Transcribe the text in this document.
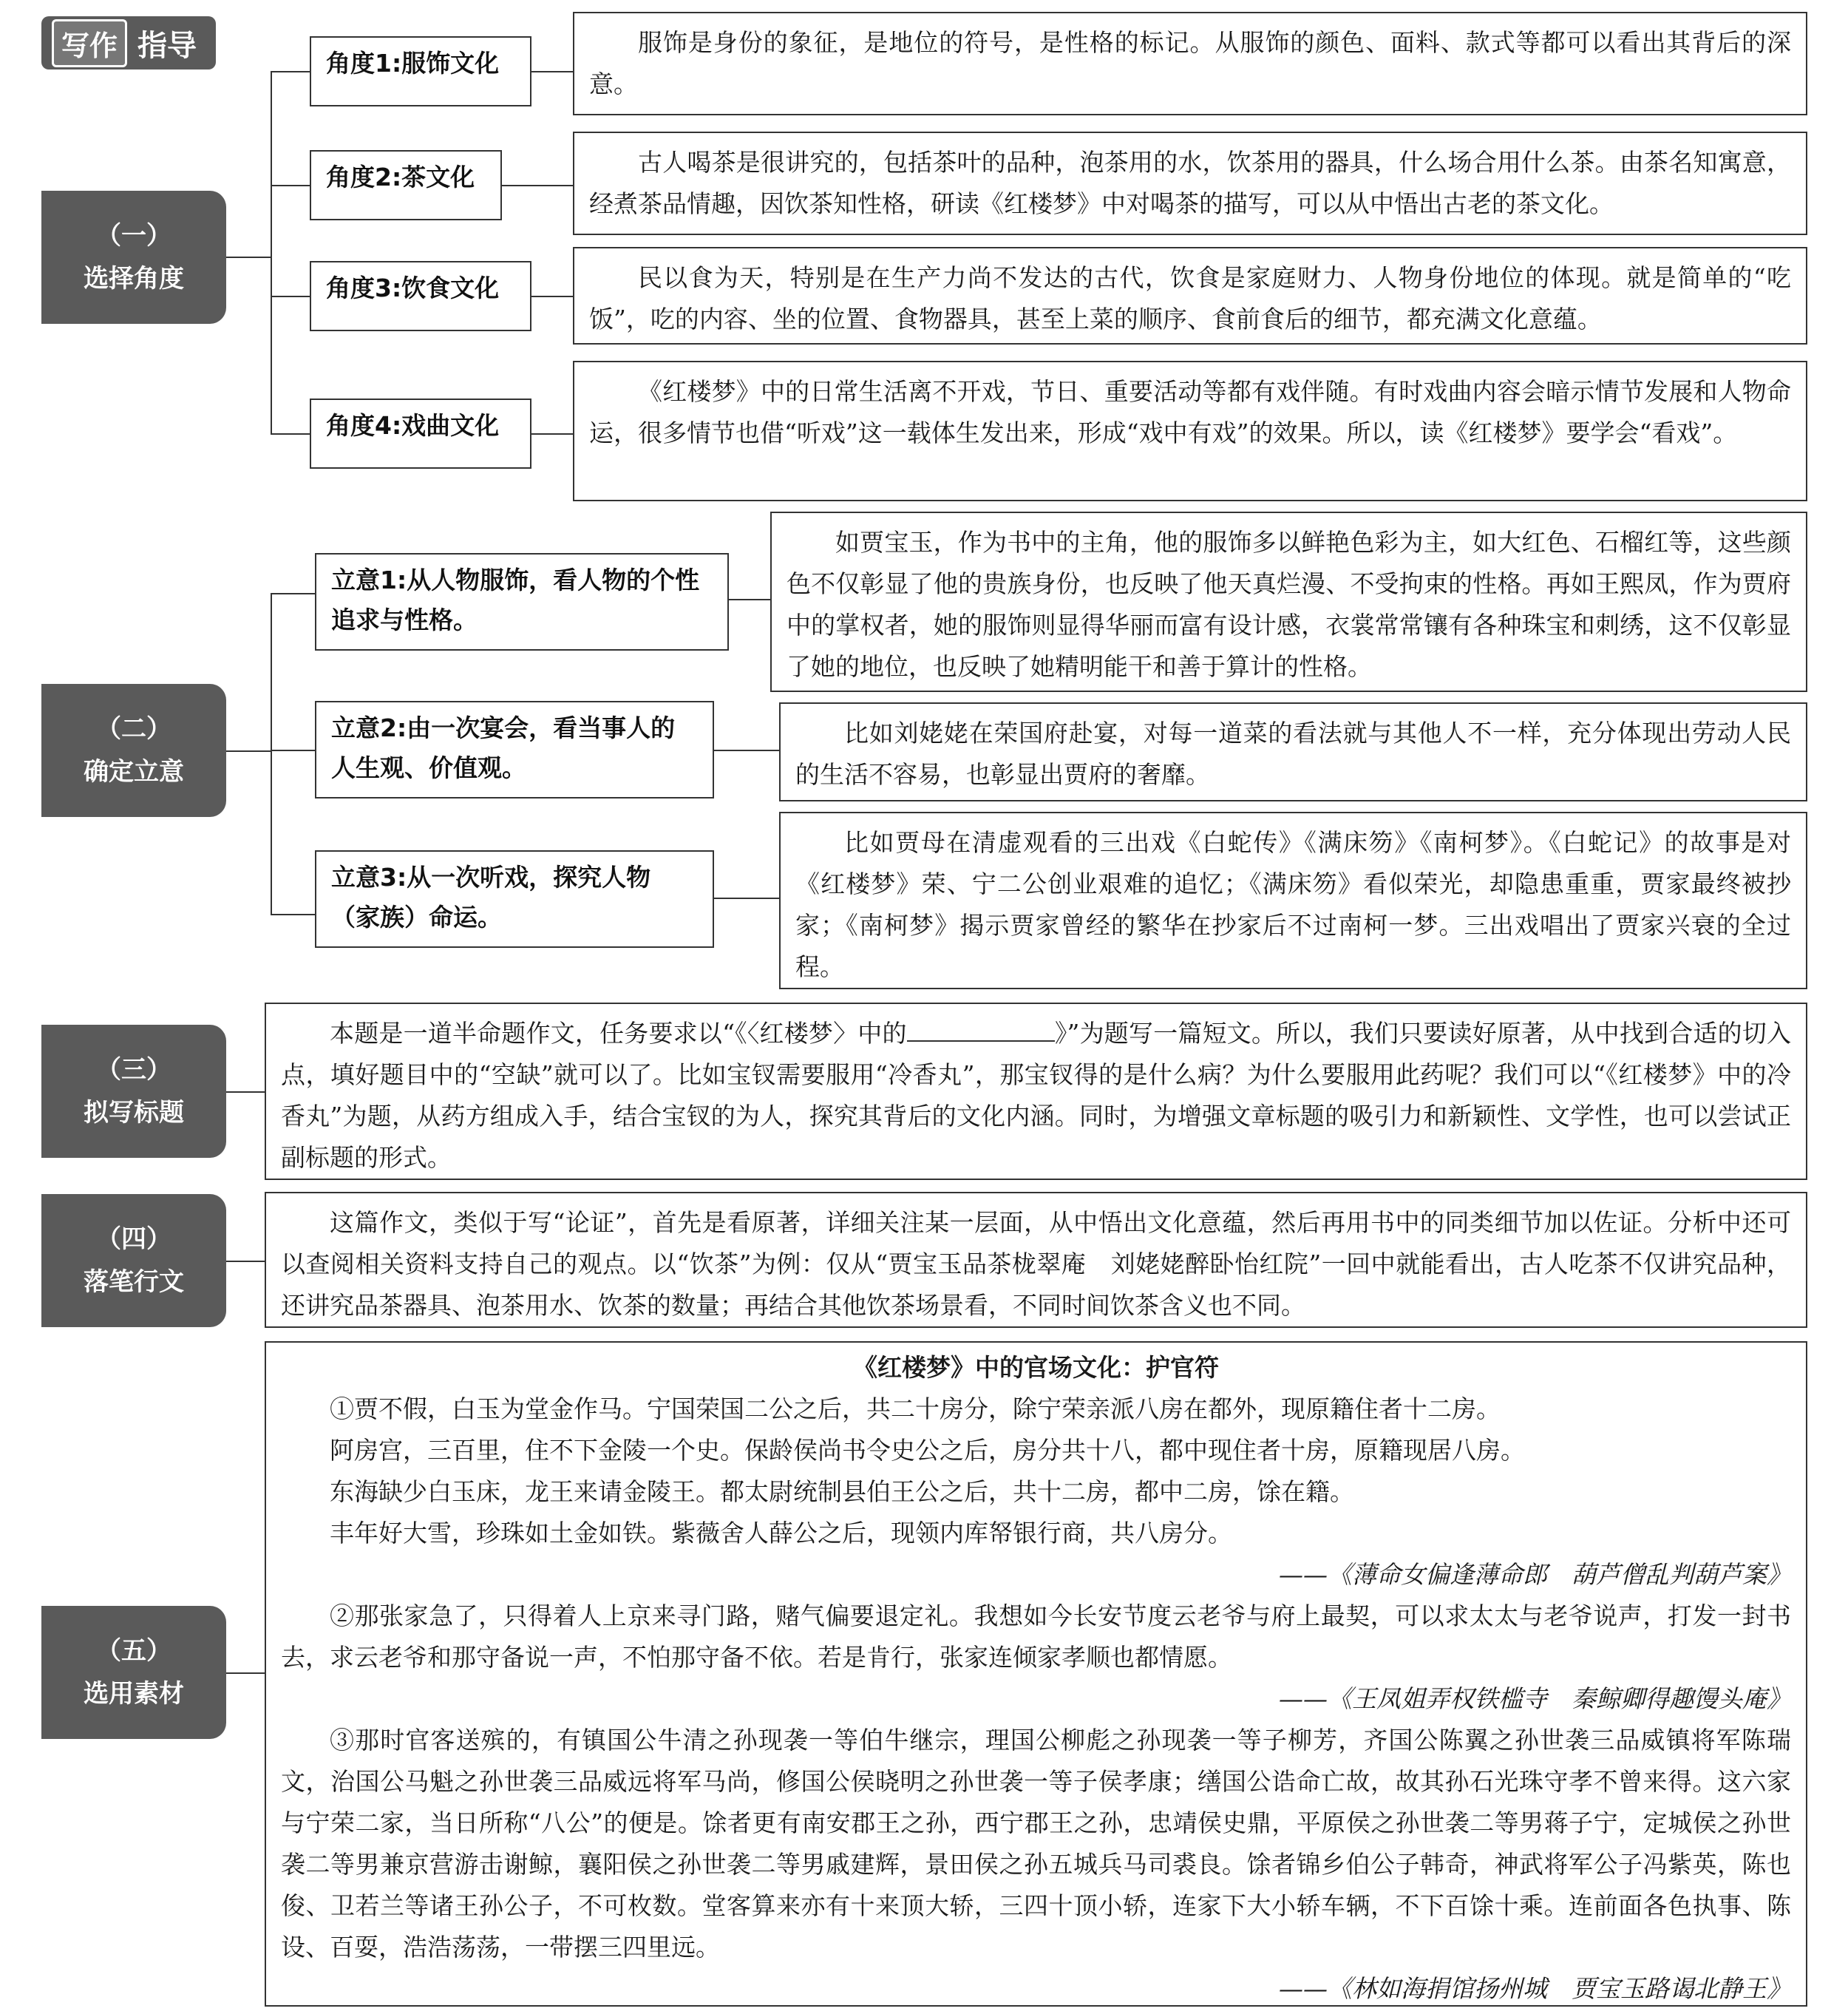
写作 指导
（一）
选择角度
角度1:服饰文化

服饰是身份的象征，是地位的符号，是性格的标记。从服饰的颜色、面料、款式等都可以看出其背后的深意。

角度2:茶文化

古人喝茶是很讲究的，包括茶叶的品种，泡茶用的水，饮茶用的器具，什么场合用什么茶。由茶名知寓意，经煮茶品情趣，因饮茶知性格，研读《红楼梦》中对喝茶的描写，可以从中悟出古老的茶文化。

角度3:饮食文化	民以食为天，特别是在生产力尚不发达的古代，饮食是家庭财力、人物身份地位的体现。就是简单的“吃饭”，吃的内容、坐的位置、食物器具，甚至上菜的顺序、食前食后的细节，都充满文化意蕴。

角度4:戏曲文化

《红楼梦》中的日常生活离不开戏，节日、重要活动等都有戏伴随。有时戏曲内容会暗示情节发展和人物命运，很多情节也借“听戏”这一载体生发出来，形成“戏中有戏”的效果。所以，读《红楼梦》要学会“看戏”。

（二）
确定立意
立意1:从人物服饰，看人物的个性追求与性格。

如贾宝玉，作为书中的主角，他的服饰多以鲜艳色彩为主，如大红色、石榴红等，这些颜色不仅彰显了他的贵族身份，也反映了他天真烂漫、不受拘束的性格。再如王熙凤，作为贾府中的掌权者，她的服饰则显得华丽而富有设计感，衣裳常常镶有各种珠宝和刺绣，这不仅彰显了她的地位，也反映了她精明能干和善于算计的性格。

立意2:由一次宴会，看当事人的人生观、价值观。

比如刘姥姥在荣国府赴宴，对每一道菜的看法就与其他人不一样，充分体现出劳动人民的生活不容易，也彰显出贾府的奢靡。

立意3:从一次听戏，探究人物（家族）命运。

比如贾母在清虚观看的三出戏《白蛇传》《满床笏》《南柯梦》。《白蛇记》的故事是对《红楼梦》荣、宁二公创业艰难的追忆；《满床笏》看似荣光，却隐患重重，贾家最终被抄家；《南柯梦》揭示贾家曾经的繁华在抄家后不过南柯一梦。三出戏唱出了贾家兴衰的全过程。

（三）
拟写标题

本题是一道半命题作文，任务要求以“《〈红楼梦〉中的	》”为题写一篇短文。所以，我们只要读好原著，从中找到合适的切入点，填好题目中的“空缺”就可以了。比如宝钗需要服用“冷香丸”，那宝钗得的是什么病？为什么要服用此药呢？我们可以“《红楼梦》中的冷香丸”为题，从药方组成入手，结合宝钗的为人，探究其背后的文化内涵。同时，为增强文章标题的吸引力和新颖性、文学性，也可以尝试正副标题的形式。

（四）
落笔行文

这篇作文，类似于写“论证”，首先是看原著，详细关注某一层面，从中悟出文化意蕴，然后再用书中的同类细节加以佐证。分析中还可以查阅相关资料支持自己的观点。以“饮茶”为例：仅从“贾宝玉品茶栊翠庵　刘姥姥醉卧怡红院”一回中就能看出，古人吃茶不仅讲究品种，还讲究品茶器具、泡茶用水、饮茶的数量；再结合其他饮茶场景看，不同时间饮茶含义也不同。

（五）
选用素材

《红楼梦》中的官场文化：护官符

①贾不假，白玉为堂金作马。宁国荣国二公之后，共二十房分，除宁荣亲派八房在都外，现原籍住者十二房。

阿房宫，三百里，住不下金陵一个史。保龄侯尚书令史公之后，房分共十八，都中现住者十房，原籍现居八房。

东海缺少白玉床，龙王来请金陵王。都太尉统制县伯王公之后，共十二房，都中二房，馀在籍。

丰年好大雪，珍珠如土金如铁。紫薇舍人薛公之后，现领内库帑银行商，共八房分。

——《薄命女偏逢薄命郎　葫芦僧乱判葫芦案》

②那张家急了，只得着人上京来寻门路，赌气偏要退定礼。我想如今长安节度云老爷与府上最契，可以求太太与老爷说声，打发一封书去，求云老爷和那守备说一声，不怕那守备不依。若是肯行，张家连倾家孝顺也都情愿。

——《王凤姐弄权铁槛寺　秦鲸卿得趣馒头庵》

③那时官客送殡的，有镇国公牛清之孙现袭一等伯牛继宗，理国公柳彪之孙现袭一等子柳芳，齐国公陈翼之孙世袭三品威镇将军陈瑞文，治国公马魁之孙世袭三品威远将军马尚，修国公侯晓明之孙世袭一等子侯孝康；缮国公诰命亡故，故其孙石光珠守孝不曾来得。这六家与宁荣二家，当日所称“八公”的便是。馀者更有南安郡王之孙，西宁郡王之孙，忠靖侯史鼎，平原侯之孙世袭二等男蒋子宁，定城侯之孙世袭二等男兼京营游击谢鲸，襄阳侯之孙世袭二等男戚建辉，景田侯之孙五城兵马司裘良。馀者锦乡伯公子韩奇，神武将军公子冯紫英，陈也俊、卫若兰等诸王孙公子，不可枚数。堂客算来亦有十来顶大轿，三四十顶小轿，连家下大小轿车辆，不下百馀十乘。连前面各色执事、陈设、百耍，浩浩荡荡，一带摆三四里远。

——《林如海捐馆扬州城　贾宝玉路谒北静王》
